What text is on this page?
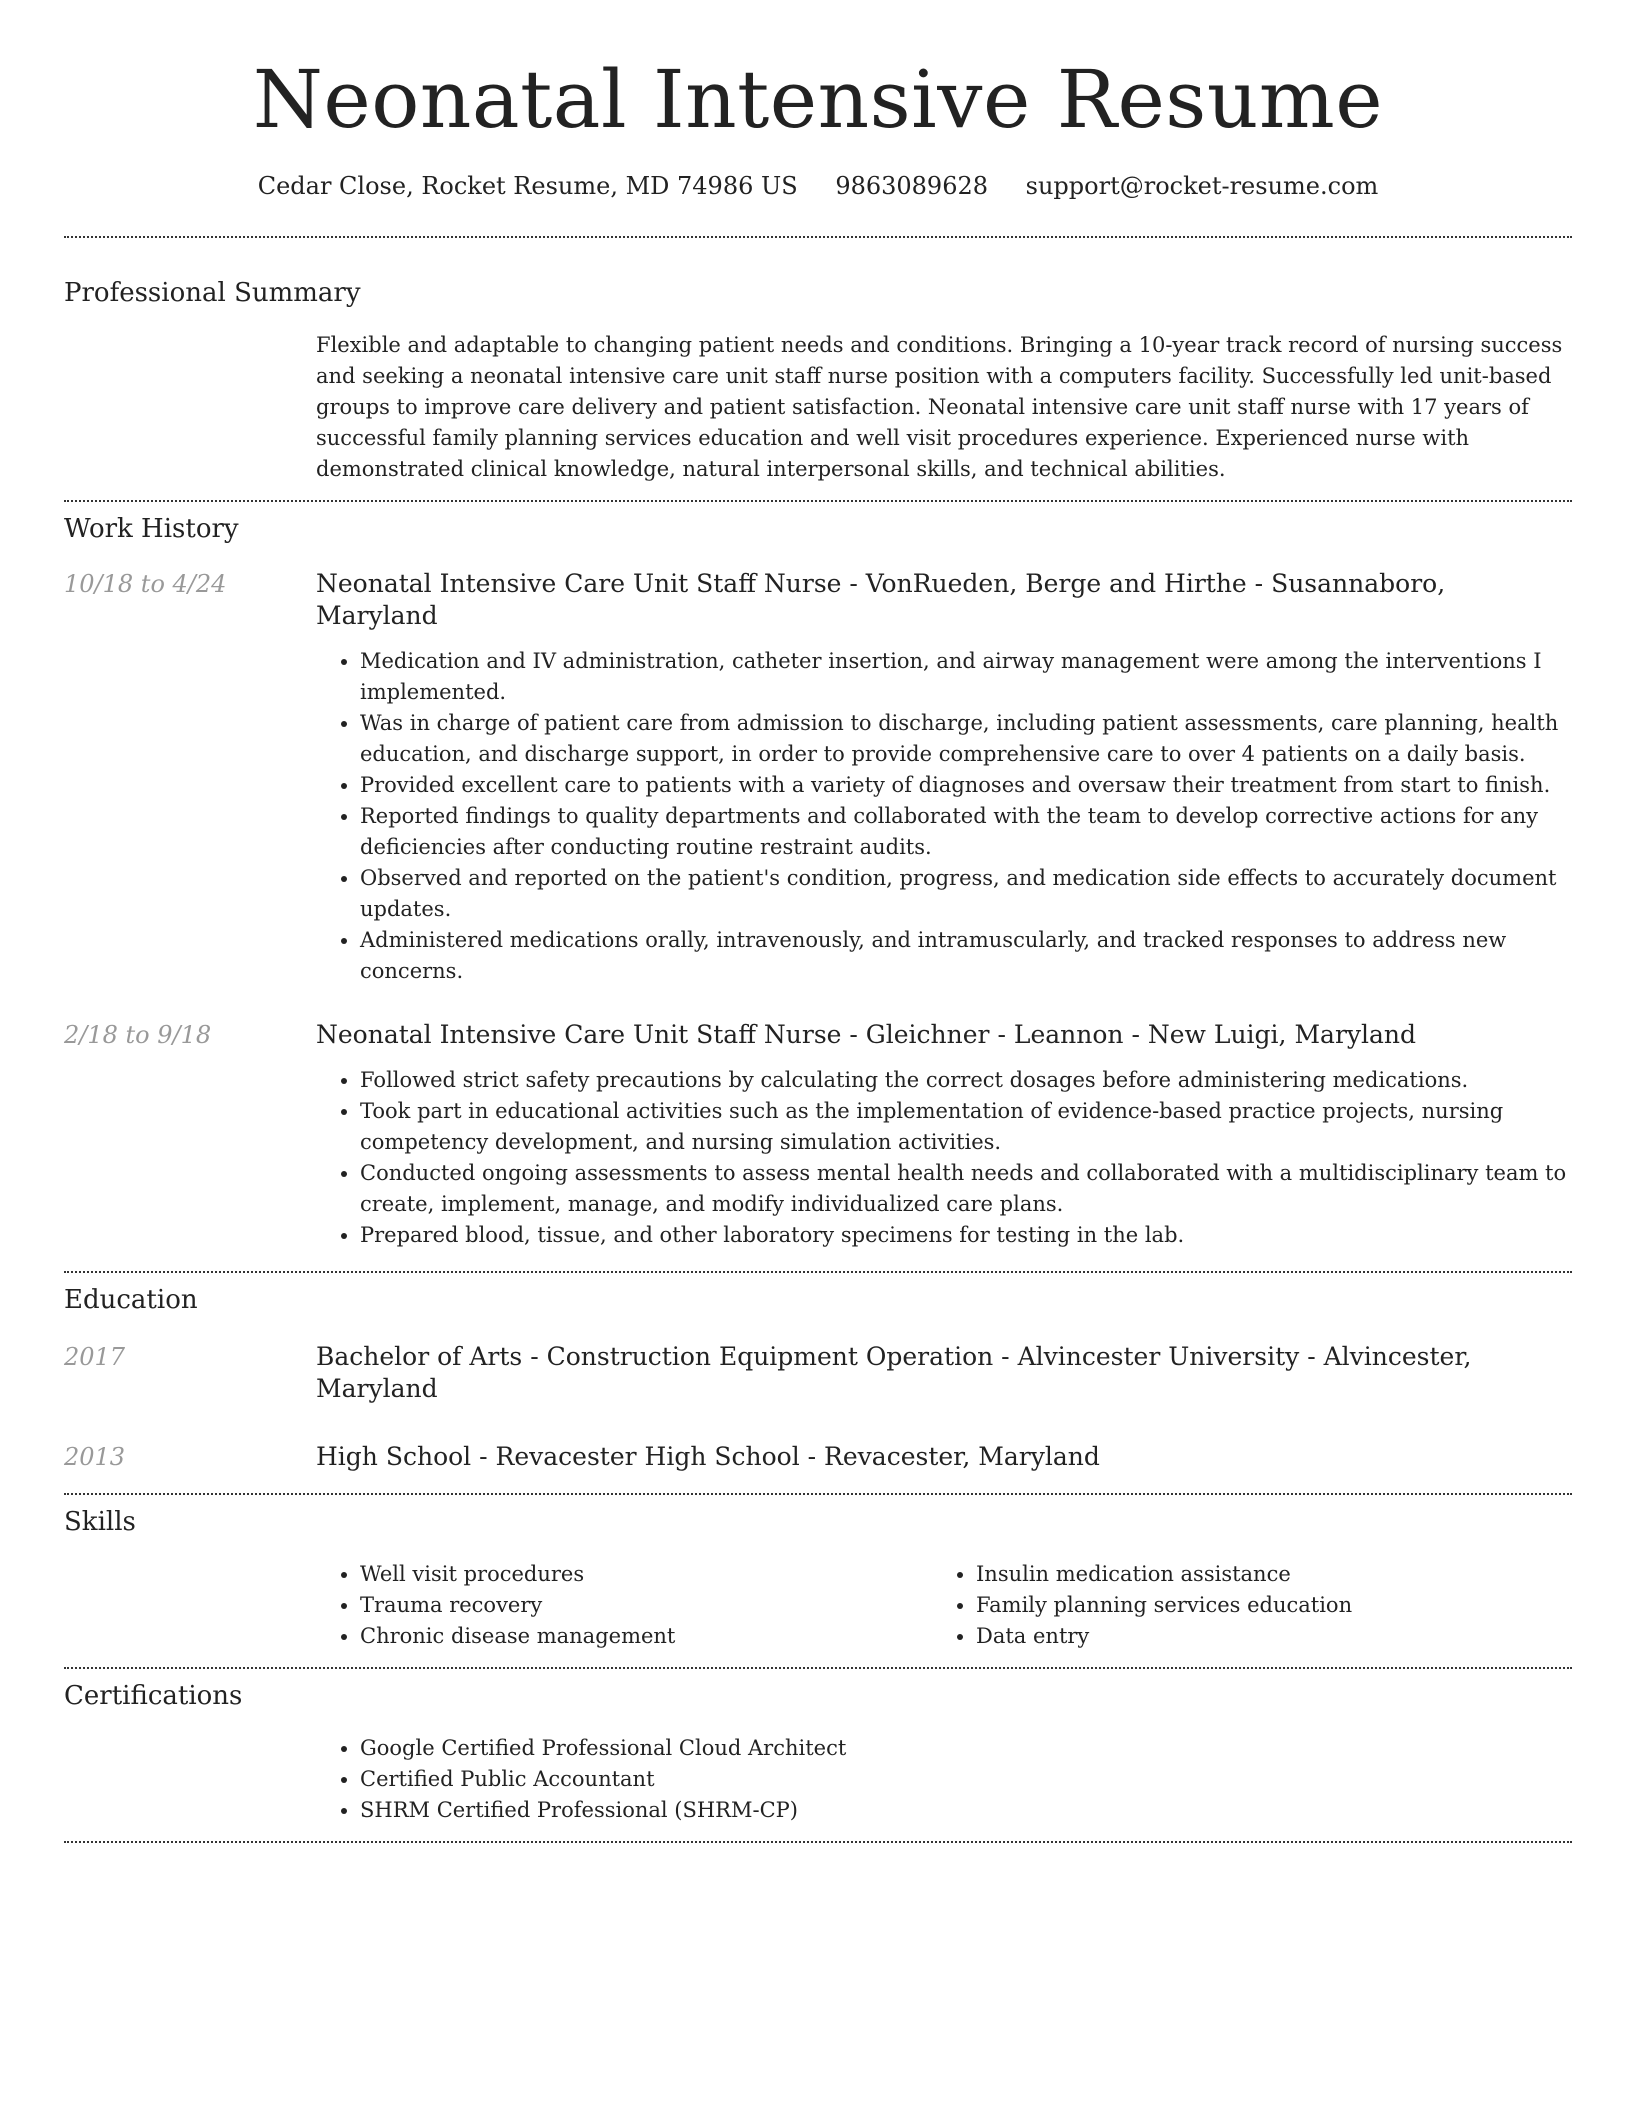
Neonatal Intensive Resume
Cedar Close, Rocket Resume, MD 74986 US 9863089628 support@rocket-resume.com
Professional Summary
Flexible and adaptable to changing patient needs and conditions. Bringing a 10-year track record of nursing success and seeking a neonatal intensive care unit staff nurse position with a computers facility. Successfully led unit-based groups to improve care delivery and patient satisfaction. Neonatal intensive care unit staff nurse with 17 years of successful family planning services education and well visit procedures experience. Experienced nurse with demonstrated clinical knowledge, natural interpersonal skills, and technical abilities.
Work History
10/18 to 4/24	Neonatal Intensive Care Unit Staff Nurse - VonRueden, Berge and Hirthe - Susannaboro, Maryland
• Medication and IV administration, catheter insertion, and airway management were among the interventions I implemented.
• Was in charge of patient care from admission to discharge, including patient assessments, care planning, health education, and discharge support, in order to provide comprehensive care to over 4 patients on a daily basis.
• Provided excellent care to patients with a variety of diagnoses and oversaw their treatment from start to finish.
• Reported findings to quality departments and collaborated with the team to develop corrective actions for any deficiencies after conducting routine restraint audits.
• Observed and reported on the patient's condition, progress, and medication side effects to accurately document updates.
• Administered medications orally, intravenously, and intramuscularly, and tracked responses to address new concerns.
2/18 to 9/18	Neonatal Intensive Care Unit Staff Nurse - Gleichner - Leannon - New Luigi, Maryland
• Followed strict safety precautions by calculating the correct dosages before administering medications.
• Took part in educational activities such as the implementation of evidence-based practice projects, nursing competency development, and nursing simulation activities.
• Conducted ongoing assessments to assess mental health needs and collaborated with a multidisciplinary team to create, implement, manage, and modify individualized care plans.
• Prepared blood, tissue, and other laboratory specimens for testing in the lab.
Education
2017	Bachelor of Arts - Construction Equipment Operation - Alvincester University - Alvincester, Maryland
2013	High School - Revacester High School - Revacester, Maryland
Skills
• Well visit procedures
• Trauma recovery
• Chronic disease management
• Insulin medication assistance
• Family planning services education
• Data entry
Certifications
• Google Certified Professional Cloud Architect
• Certified Public Accountant
• SHRM Certified Professional (SHRM-CP)
